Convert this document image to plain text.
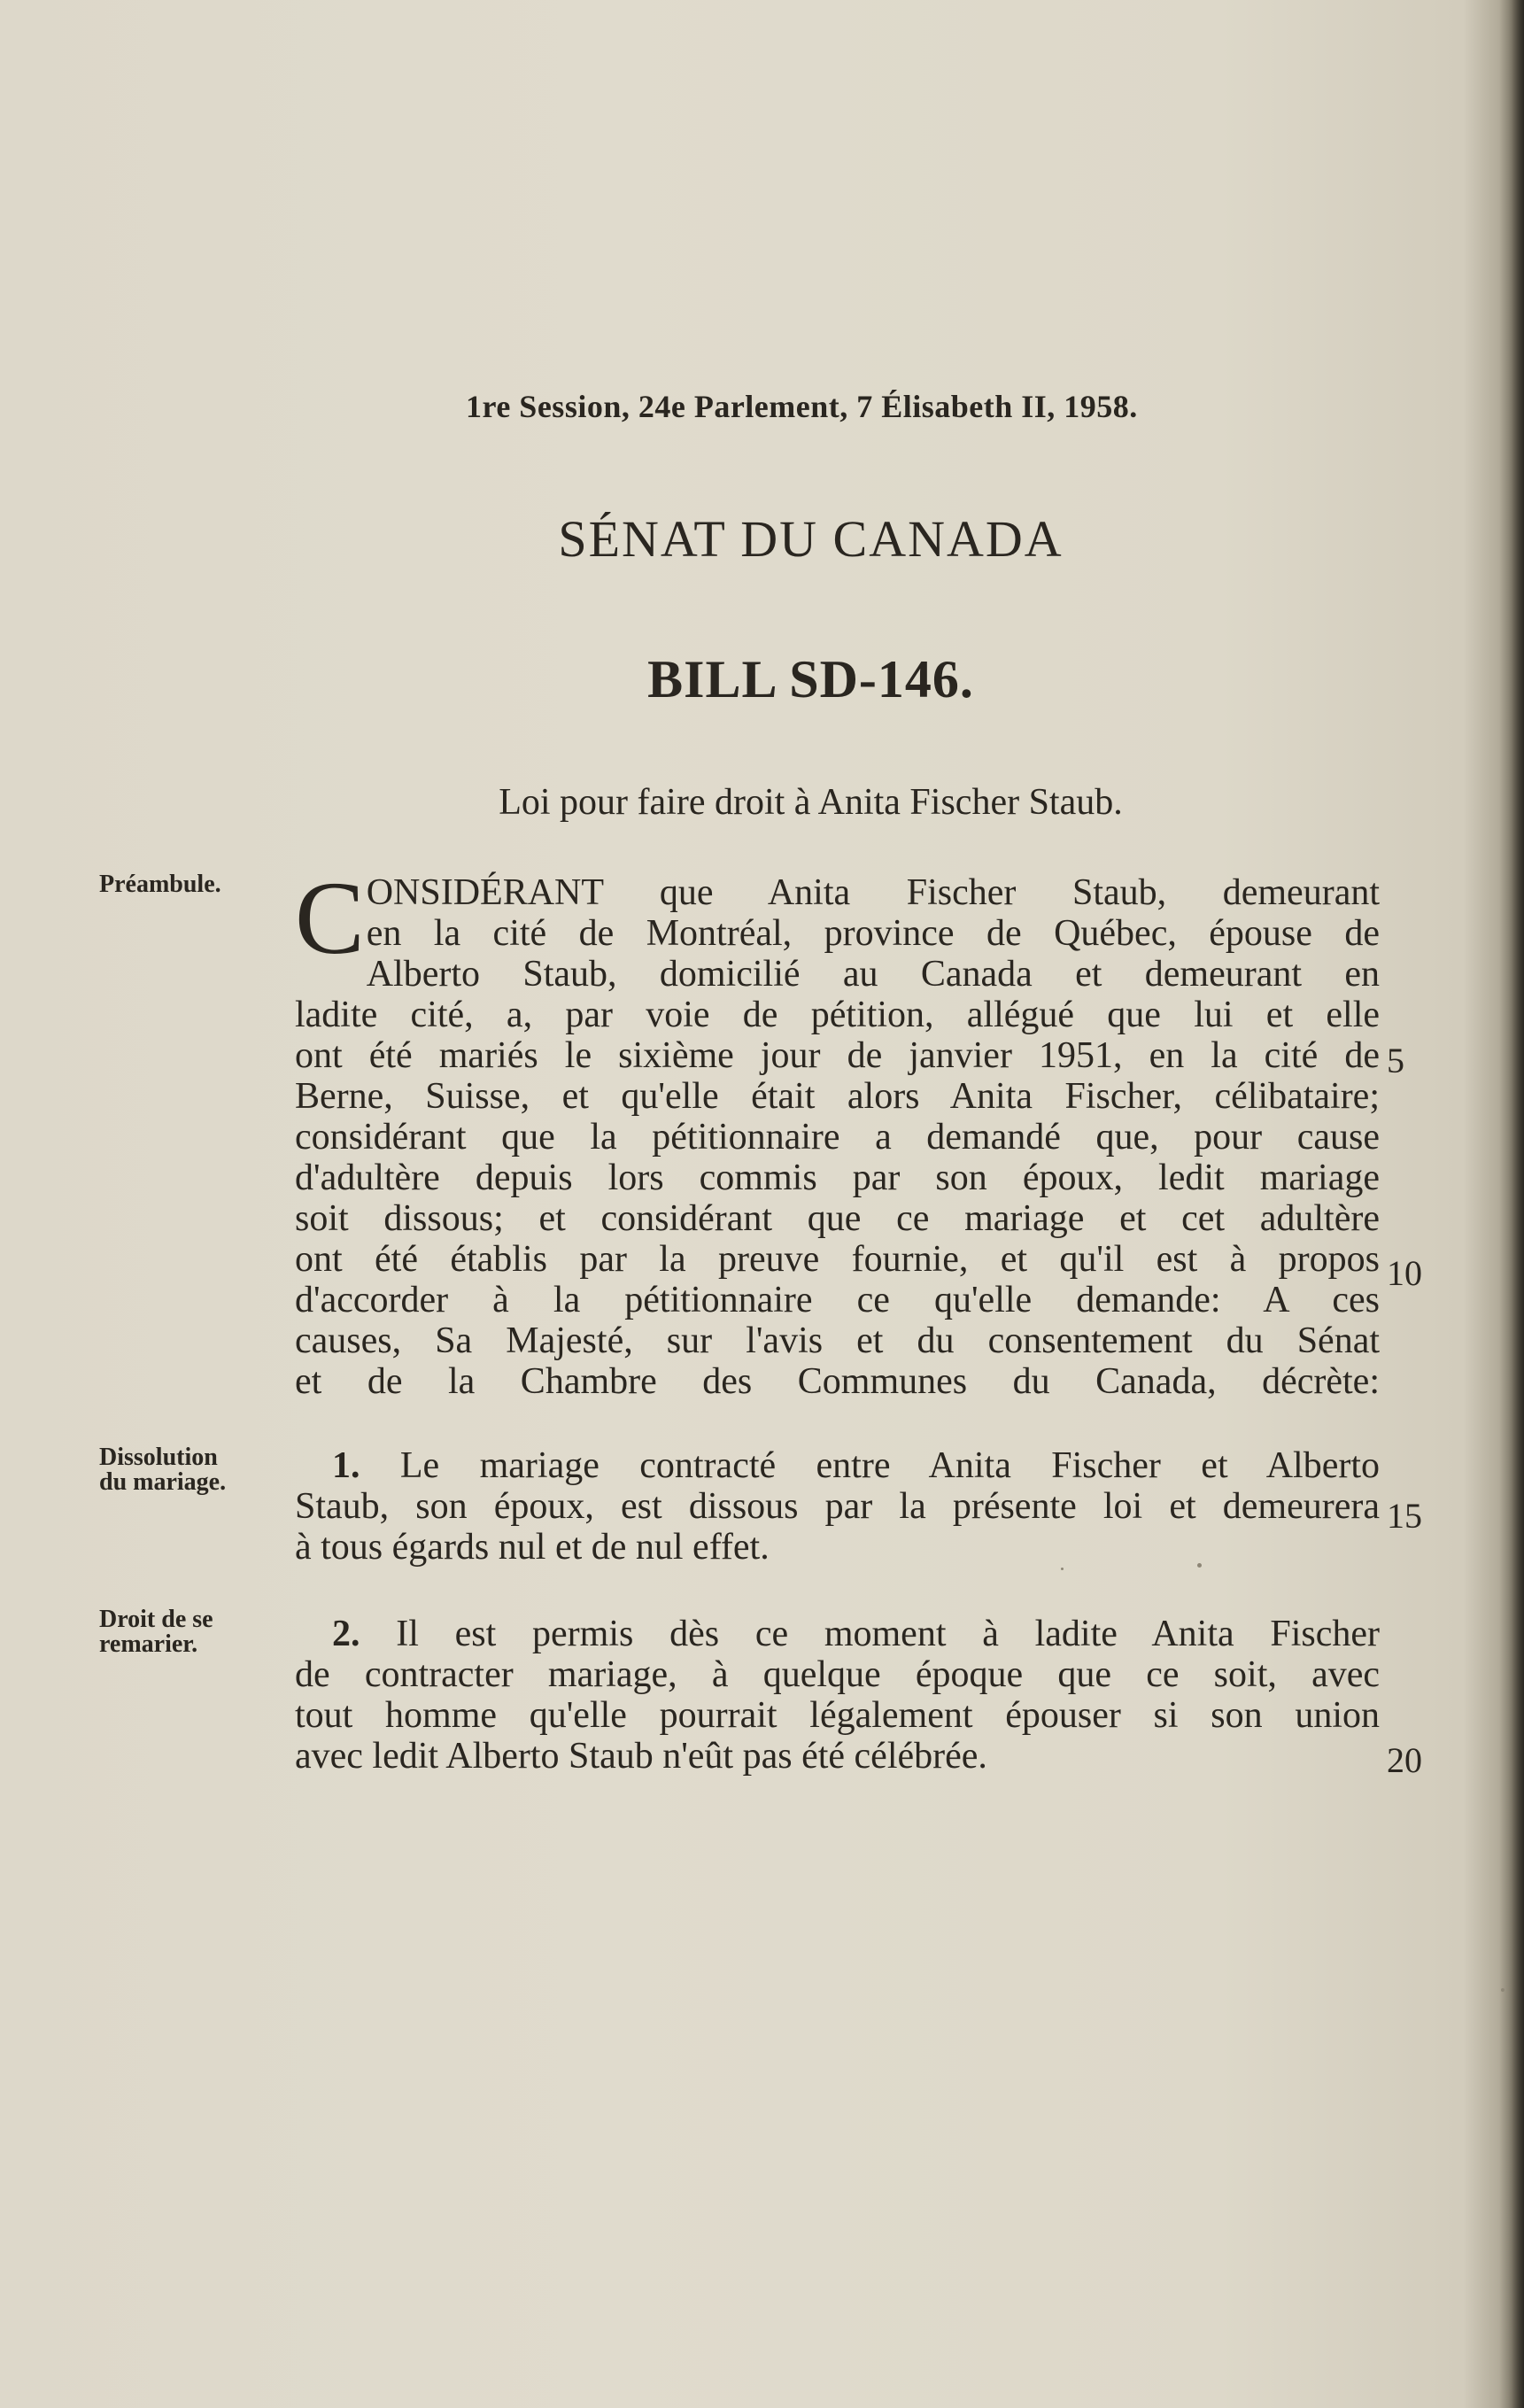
1re Session, 24e Parlement, 7 Élisabeth II, 1958.
SÉNAT DU CANADA
BILL SD-146.
Loi pour faire droit à Anita Fischer Staub.
Préambule.
Dissolution
du mariage.
Droit de se
remarier.
C ONSIDÉRANT que Anita Fischer Staub, demeurant
en la cité de Montréal, province de Québec, épouse de
Alberto Staub, domicilié au Canada et demeurant en
ladite cité, a, par voie de pétition, allégué que lui et elle
ont été mariés le sixième jour de janvier 1951, en la cité de
Berne, Suisse, et qu'elle était alors Anita Fischer, célibataire;
considérant que la pétitionnaire a demandé que, pour cause
d'adultère depuis lors commis par son époux, ledit mariage
soit dissous; et considérant que ce mariage et cet adultère
ont été établis par la preuve fournie, et qu'il est à propos
d'accorder à la pétitionnaire ce qu'elle demande: A ces
causes, Sa Majesté, sur l'avis et du consentement du Sénat
et de la Chambre des Communes du Canada, décrète:
1. Le mariage contracté entre Anita Fischer et Alberto
Staub, son époux, est dissous par la présente loi et demeurera
à tous égards nul et de nul effet.
2. Il est permis dès ce moment à ladite Anita Fischer
de contracter mariage, à quelque époque que ce soit, avec
tout homme qu'elle pourrait légalement épouser si son union
avec ledit Alberto Staub n'eût pas été célébrée.
5
10
15
20
